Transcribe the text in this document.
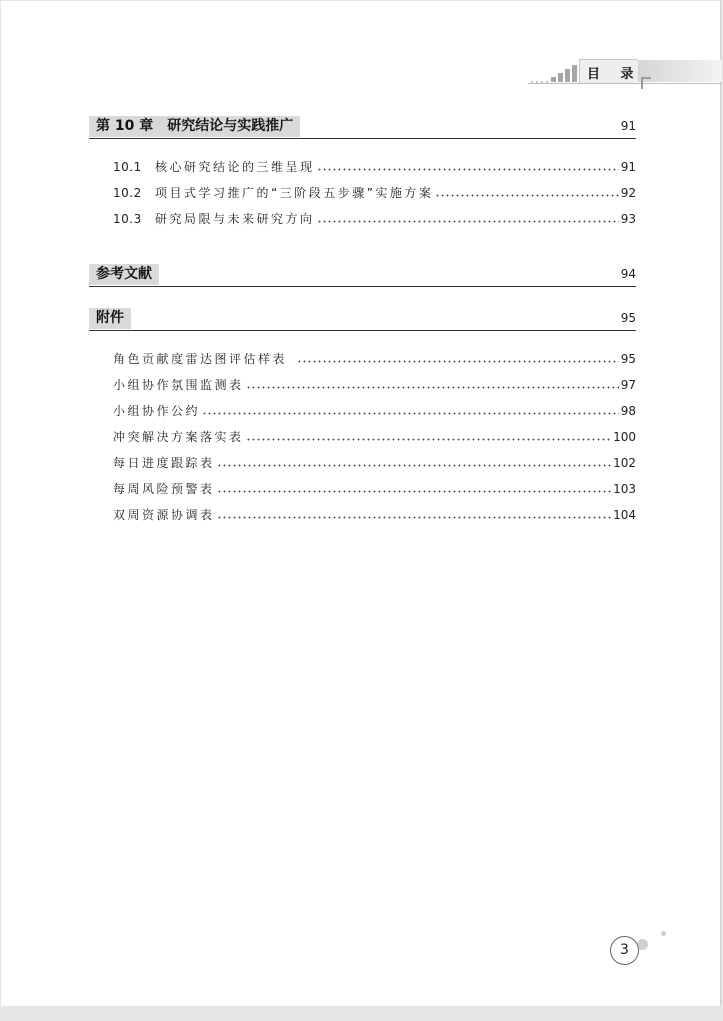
目 录
第 10 章　研究结论与实践推广	91
10.1	核心研究结论的三维呈现	91
10.2	项目式学习推广的“三阶段五步骤”实施方案	92
10.3	研究局限与未来研究方向	93
参考文献	94
附件	95
角色贡献度雷达图评估样表	95
小组协作氛围监测表	97
小组协作公约	98
冲突解决方案落实表	100
每日进度跟踪表	102
每周风险预警表	103
双周资源协调表	104
3
